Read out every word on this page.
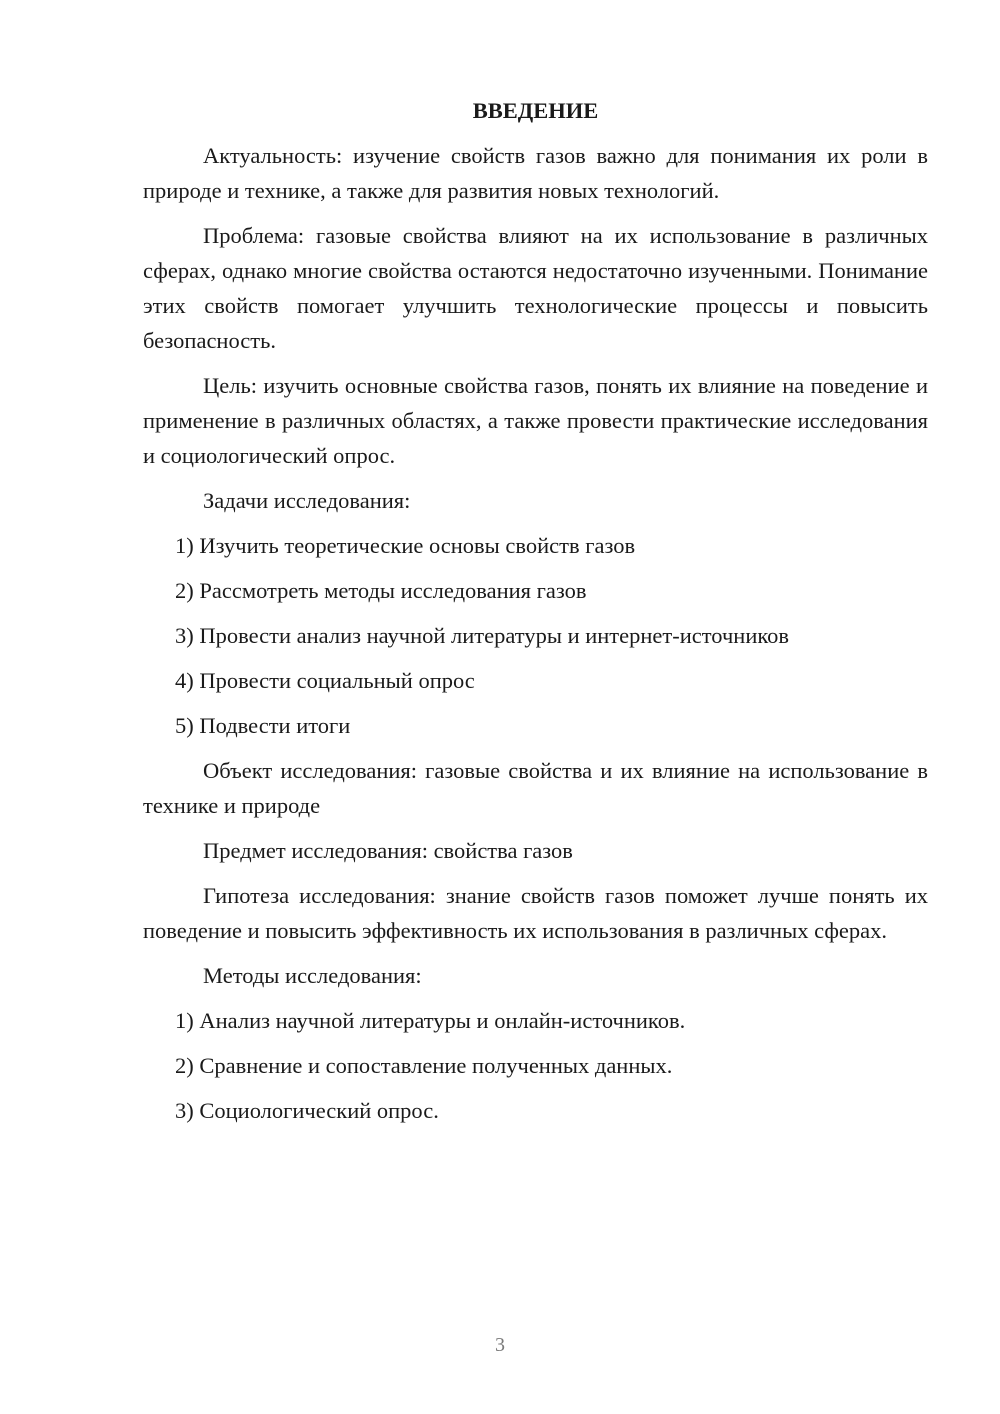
ВВЕДЕНИЕ

Актуальность: изучение свойств газов важно для понимания их роли в природе и технике, а также для развития новых технологий.

Проблема: газовые свойства влияют на их использование в различных сферах, однако многие свойства остаются недостаточно изученными. Понимание этих свойств помогает улучшить технологические процессы и повысить безопасность.

Цель: изучить основные свойства газов, понять их влияние на поведение и применение в различных областях, а также провести практические исследования и социологический опрос.

Задачи исследования:

1) Изучить теоретические основы свойств газов
2) Рассмотреть методы исследования газов
3) Провести анализ научной литературы и интернет-источников
4) Провести социальный опрос
5) Подвести итоги

Объект исследования: газовые свойства и их влияние на использование в технике и природе

Предмет исследования: свойства газов

Гипотеза исследования: знание свойств газов поможет лучше понять их поведение и повысить эффективность их использования в различных сферах.

Методы исследования:

1) Анализ научной литературы и онлайн-источников.
2) Сравнение и сопоставление полученных данных.
3) Социологический опрос.
3
